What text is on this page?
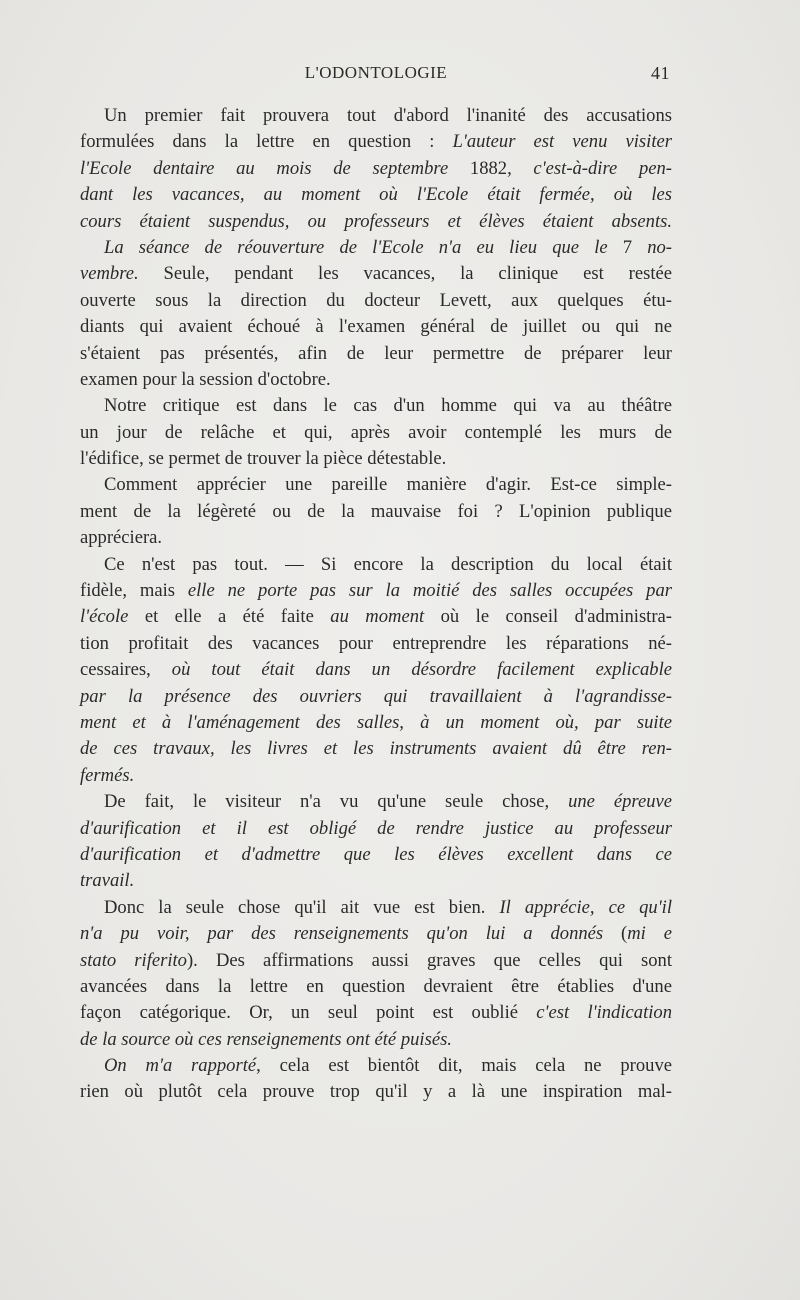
L'ODONTOLOGIE	41
Un premier fait prouvera tout d'abord l'inanité des accusations
formulées dans la lettre en question : L'auteur est venu visiter
l'Ecole dentaire au mois de septembre 1882, c'est-à-dire pen-
dant les vacances, au moment où l'Ecole était fermée, où les
cours étaient suspendus, ou professeurs et élèves étaient absents.
La séance de réouverture de l'Ecole n'a eu lieu que le 7 no-
vembre. Seule, pendant les vacances, la clinique est restée
ouverte sous la direction du docteur Levett, aux quelques étu-
diants qui avaient échoué à l'examen général de juillet ou qui ne
s'étaient pas présentés, afin de leur permettre de préparer leur
examen pour la session d'octobre.
Notre critique est dans le cas d'un homme qui va au théâtre
un jour de relâche et qui, après avoir contemplé les murs de
l'édifice, se permet de trouver la pièce détestable.
Comment apprécier une pareille manière d'agir. Est-ce simple-
ment de la légèreté ou de la mauvaise foi ? L'opinion publique
appréciera.
Ce n'est pas tout. — Si encore la description du local était
fidèle, mais elle ne porte pas sur la moitié des salles occupées par
l'école et elle a été faite au moment où le conseil d'administra-
tion profitait des vacances pour entreprendre les réparations né-
cessaires, où tout était dans un désordre facilement explicable
par la présence des ouvriers qui travaillaient à l'agrandisse-
ment et à l'aménagement des salles, à un moment où, par suite
de ces travaux, les livres et les instruments avaient dû être ren-
fermés.
De fait, le visiteur n'a vu qu'une seule chose, une épreuve
d'aurification et il est obligé de rendre justice au professeur
d'aurification et d'admettre que les élèves excellent dans ce
travail.
Donc la seule chose qu'il ait vue est bien. Il apprécie, ce qu'il
n'a pu voir, par des renseignements qu'on lui a donnés (mi e
stato riferito). Des affirmations aussi graves que celles qui sont
avancées dans la lettre en question devraient être établies d'une
façon catégorique. Or, un seul point est oublié c'est l'indication
de la source où ces renseignements ont été puisés.
On m'a rapporté, cela est bientôt dit, mais cela ne prouve
rien où plutôt cela prouve trop qu'il y a là une inspiration mal-
